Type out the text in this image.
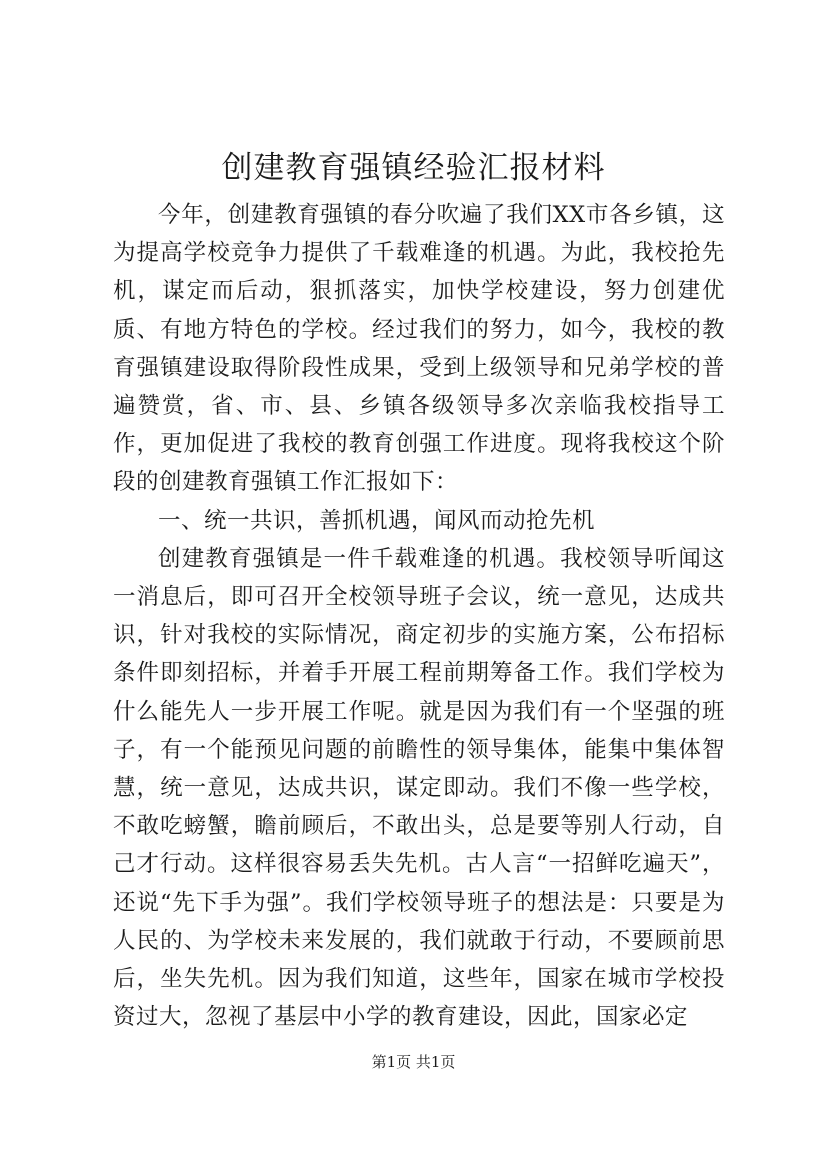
创建教育强镇经验汇报材料

今年，创建教育强镇的春分吹遍了我们XX市各乡镇，这为提高学校竞争力提供了千载难逢的机遇。为此，我校抢先机，谋定而后动，狠抓落实，加快学校建设，努力创建优质、有地方特色的学校。经过我们的努力，如今，我校的教育强镇建设取得阶段性成果，受到上级领导和兄弟学校的普遍赞赏，省、市、县、乡镇各级领导多次亲临我校指导工作，更加促进了我校的教育创强工作进度。现将我校这个阶段的创建教育强镇工作汇报如下：

一、统一共识，善抓机遇，闻风而动抢先机

创建教育强镇是一件千载难逢的机遇。我校领导听闻这一消息后，即可召开全校领导班子会议，统一意见，达成共识，针对我校的实际情况，商定初步的实施方案，公布招标条件即刻招标，并着手开展工程前期筹备工作。我们学校为什么能先人一步开展工作呢。就是因为我们有一个坚强的班子，有一个能预见问题的前瞻性的领导集体，能集中集体智慧，统一意见，达成共识，谋定即动。我们不像一些学校，不敢吃螃蟹，瞻前顾后，不敢出头，总是要等别人行动，自己才行动。这样很容易丢失先机。古人言“一招鲜吃遍天”，还说“先下手为强”。我们学校领导班子的想法是：只要是为人民的、为学校未来发展的，我们就敢于行动，不要顾前思后，坐失先机。因为我们知道，这些年，国家在城市学校投资过大，忽视了基层中小学的教育建设，因此，国家必定

第1页 共1页
